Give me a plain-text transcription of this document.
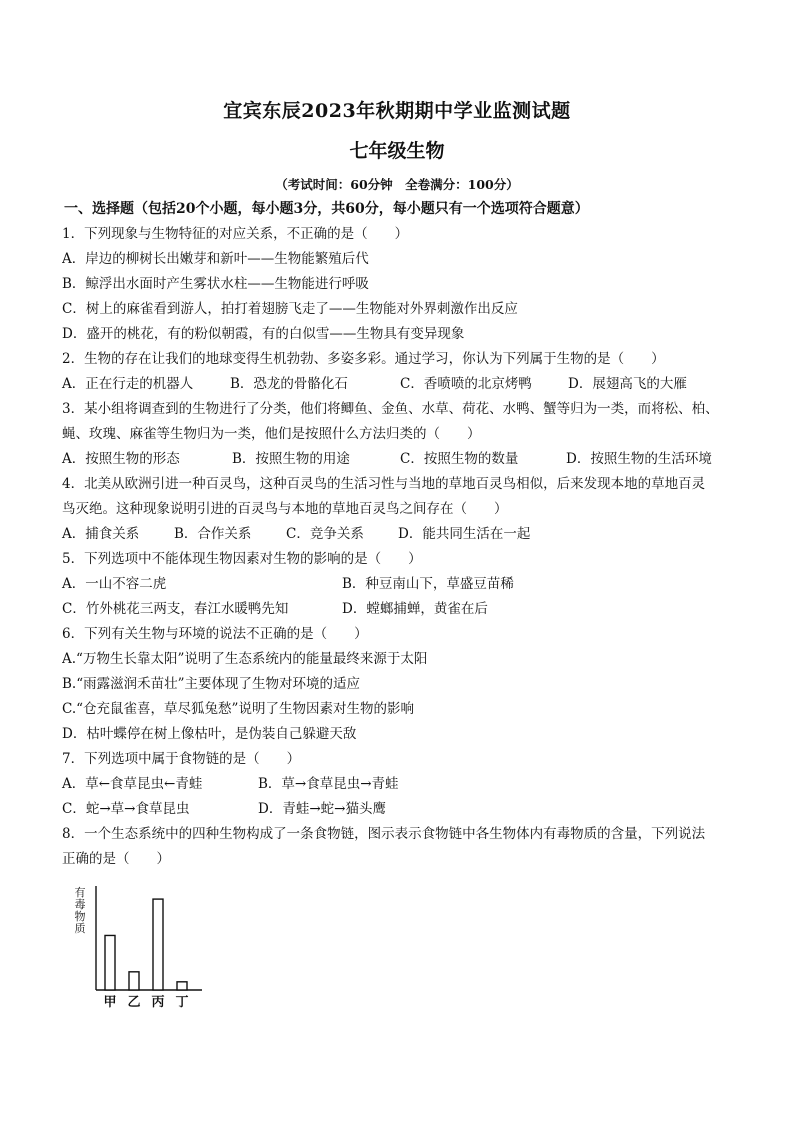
宜宾东辰2023年秋期期中学业监测试题
七年级生物
（考试时间：60分钟　全卷满分：100分）
一、选择题（包括20个小题，每小题3分，共60分，每小题只有一个选项符合题意）
1．下列现象与生物特征的对应关系，不正确的是（　　）
A．岸边的柳树长出嫩芽和新叶——生物能繁殖后代
B．鲸浮出水面时产生雾状水柱——生物能进行呼吸
C．树上的麻雀看到游人，拍打着翅膀飞走了——生物能对外界刺激作出反应
D．盛开的桃花，有的粉似朝霞，有的白似雪——生物具有变异现象
2．生物的存在让我们的地球变得生机勃勃、多姿多彩。通过学习，你认为下列属于生物的是（　　）
A．正在行走的机器人	B．恐龙的骨骼化石	C．香喷喷的北京烤鸭	D．展翅高飞的大雁
3．某小组将调查到的生物进行了分类，他们将鲫鱼、金鱼、水草、荷花、水鸭、蟹等归为一类，而将松、柏、
蝇、玫瑰、麻雀等生物归为一类，他们是按照什么方法归类的（　　）
A．按照生物的形态	B．按照生物的用途	C．按照生物的数量	D．按照生物的生活环境
4．北美从欧洲引进一种百灵鸟，这种百灵鸟的生活习性与当地的草地百灵鸟相似，后来发现本地的草地百灵
鸟灭绝。这种现象说明引进的百灵鸟与本地的草地百灵鸟之间存在（　　）
A．捕食关系	B．合作关系	C．竞争关系	D．能共同生活在一起
5．下列选项中不能体现生物因素对生物的影响的是（　　）
A．一山不容二虎	B．种豆南山下，草盛豆苗稀
C．竹外桃花三两支，春江水暖鸭先知	D．螳螂捕蝉，黄雀在后
6．下列有关生物与环境的说法不正确的是（　　）
A.“万物生长靠太阳”说明了生态系统内的能量最终来源于太阳
B.“雨露滋润禾苗壮”主要体现了生物对环境的适应
C.“仓充鼠雀喜，草尽狐兔愁”说明了生物因素对生物的影响
D．枯叶蝶停在树上像枯叶，是伪装自己躲避天敌
7．下列选项中属于食物链的是（　　）
A．草←食草昆虫←青蛙	B．草→食草昆虫→青蛙
C．蛇→草→食草昆虫	D．青蛙→蛇→猫头鹰
8．一个生态系统中的四种生物构成了一条食物链，图示表示食物链中各生物体内有毒物质的含量，下列说法
正确的是（　　）
有
毒
物
质
甲 乙 丙 丁
